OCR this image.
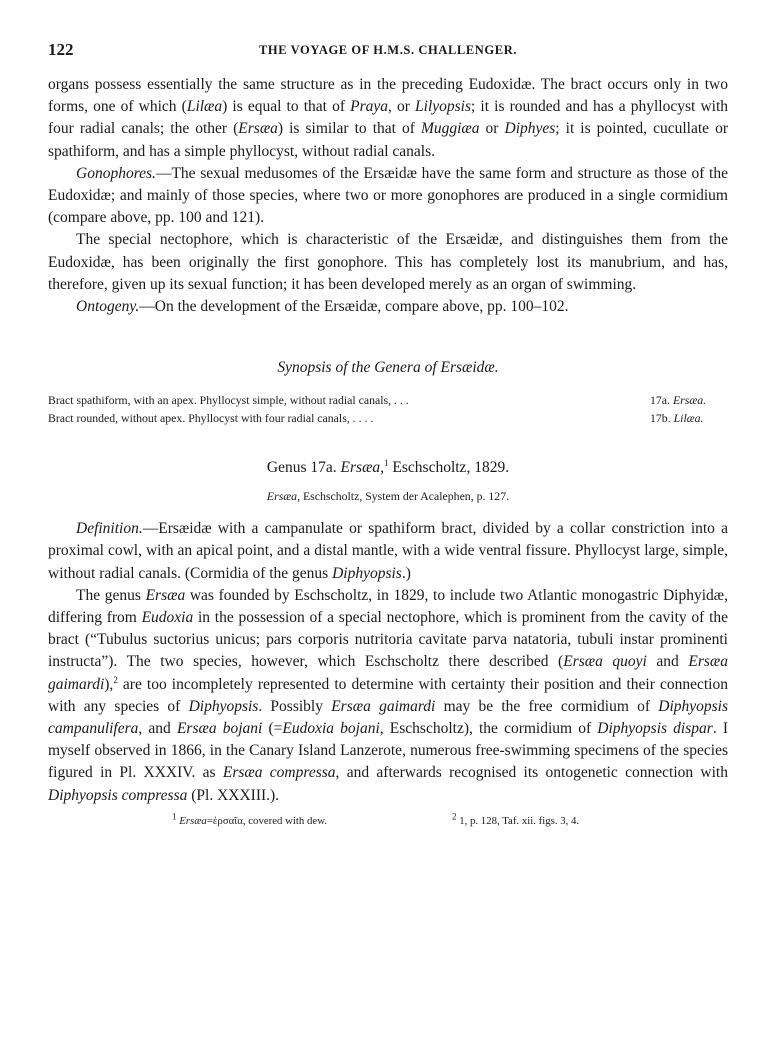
122	THE VOYAGE OF H.M.S. CHALLENGER.

organs possess essentially the same structure as in the preceding Eudoxidæ. The bract occurs only in two forms, one of which (Lilæa) is equal to that of Praya, or Lilyopsis; it is rounded and has a phyllocyst with four radial canals; the other (Ersæa) is similar to that of Muggiæa or Diphyes; it is pointed, cucullate or spathiform, and has a simple phyllocyst, without radial canals.

Gonophores.—The sexual medusomes of the Ersæidæ have the same form and structure as those of the Eudoxidæ; and mainly of those species, where two or more gonophores are produced in a single cormidium (compare above, pp. 100 and 121).

The special nectophore, which is characteristic of the Ersæidæ, and distinguishes them from the Eudoxidæ, has been originally the first gonophore. This has completely lost its manubrium, and has, therefore, given up its sexual function; it has been developed merely as an organ of swimming.

Ontogeny.—On the development of the Ersæidæ, compare above, pp. 100–102.

Synopsis of the Genera of Ersæidæ.
Bract spathiform, with an apex. Phyllocyst simple, without radial canals, . . .	17a. Ersæa.
Bract rounded, without apex. Phyllocyst with four radial canals, . . . .	17b. Lilæa.
Genus 17a. Ersæa,$^1$ Eschscholtz, 1829.
Ersæa, Eschscholtz, System der Acalephen, p. 127.

Definition.—Ersæidæ with a campanulate or spathiform bract, divided by a collar constriction into a proximal cowl, with an apical point, and a distal mantle, with a wide ventral fissure. Phyllocyst large, simple, without radial canals. (Cormidia of the genus Diphyopsis.)

The genus Ersæa was founded by Eschscholtz, in 1829, to include two Atlantic monogastric Diphyidæ, differing from Eudoxia in the possession of a special nectophore, which is prominent from the cavity of the bract (“Tubulus suctorius unicus; pars corporis nutritoria cavitate parva natatoria, tubuli instar prominenti instructa”). The two species, however, which Eschscholtz there described (Ersæa quoyi and Ersæa gaimardi),$^2$ are too incompletely represented to determine with certainty their position and their connection with any species of Diphyopsis. Possibly Ersæa gaimardi may be the free cormidium of Diphyopsis campanulifera, and Ersæa bojani (=Eudoxia bojani, Eschscholtz), the cormidium of Diphyopsis dispar. I myself observed in 1866, in the Canary Island Lanzerote, numerous free-swimming specimens of the species figured in Pl. XXXIV. as Ersæa compressa, and afterwards recognised its ontogenetic connection with Diphyopsis compressa (Pl. XXXIII.).

$^1$ Ersæa=ἑρσαῖα, covered with dew.	$^2$ 1, p. 128, Taf. xii. figs. 3, 4.
